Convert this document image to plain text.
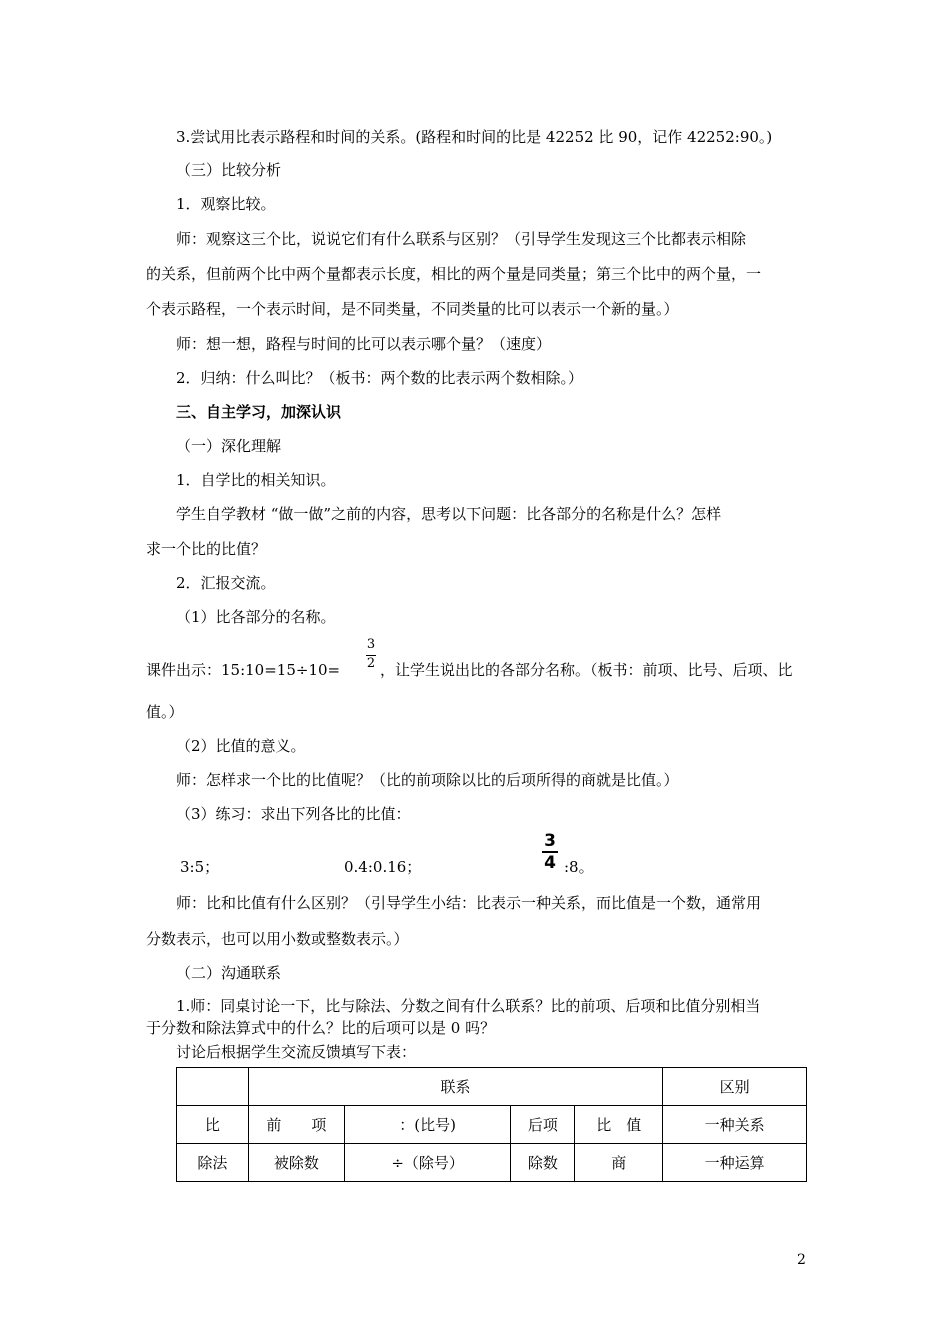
3.尝试用比表示路程和时间的关系。(路程和时间的比是 42252 比 90，记作 42252:90。)
（三）比较分析
1．观察比较。
师：观察这三个比，说说它们有什么联系与区别？（引导学生发现这三个比都表示相除
的关系，但前两个比中两个量都表示长度，相比的两个量是同类量；第三个比中的两个量，一
个表示路程，一个表示时间，是不同类量，不同类量的比可以表示一个新的量。）
师：想一想，路程与时间的比可以表示哪个量？（速度）
2．归纳：什么叫比？（板书：两个数的比表示两个数相除。）
三、自主学习，加深认识
（一）深化理解
1．自学比的相关知识。
学生自学教材 “做一做”之前的内容，思考以下问题：比各部分的名称是什么？怎样
求一个比的比值？
2．汇报交流。
（1）比各部分的名称。
课件出示：15:10=15÷10=
3
2 ，让学生说出比的各部分名称。（板书：前项、比号、后项、比
值。）
（2）比值的意义。
师：怎样求一个比的比值呢？（比的前项除以比的后项所得的商就是比值。）
（3）练习：求出下列各比的比值：
3:5；	0.4:0.16；
3
4 :8。
师：比和比值有什么区别？（引导学生小结：比表示一种关系，而比值是一个数，通常用
分数表示，也可以用小数或整数表示。）
（二）沟通联系
1.师：同桌讨论一下，比与除法、分数之间有什么联系？比的前项、后项和比值分别相当
于分数和除法算式中的什么？比的后项可以是 0 吗？
讨论后根据学生交流反馈填写下表：
	联系				区别
比	前　　项	：(比号)	后项	比　值	一种关系
除法	被除数	÷（除号）	除数	商	一种运算
2
